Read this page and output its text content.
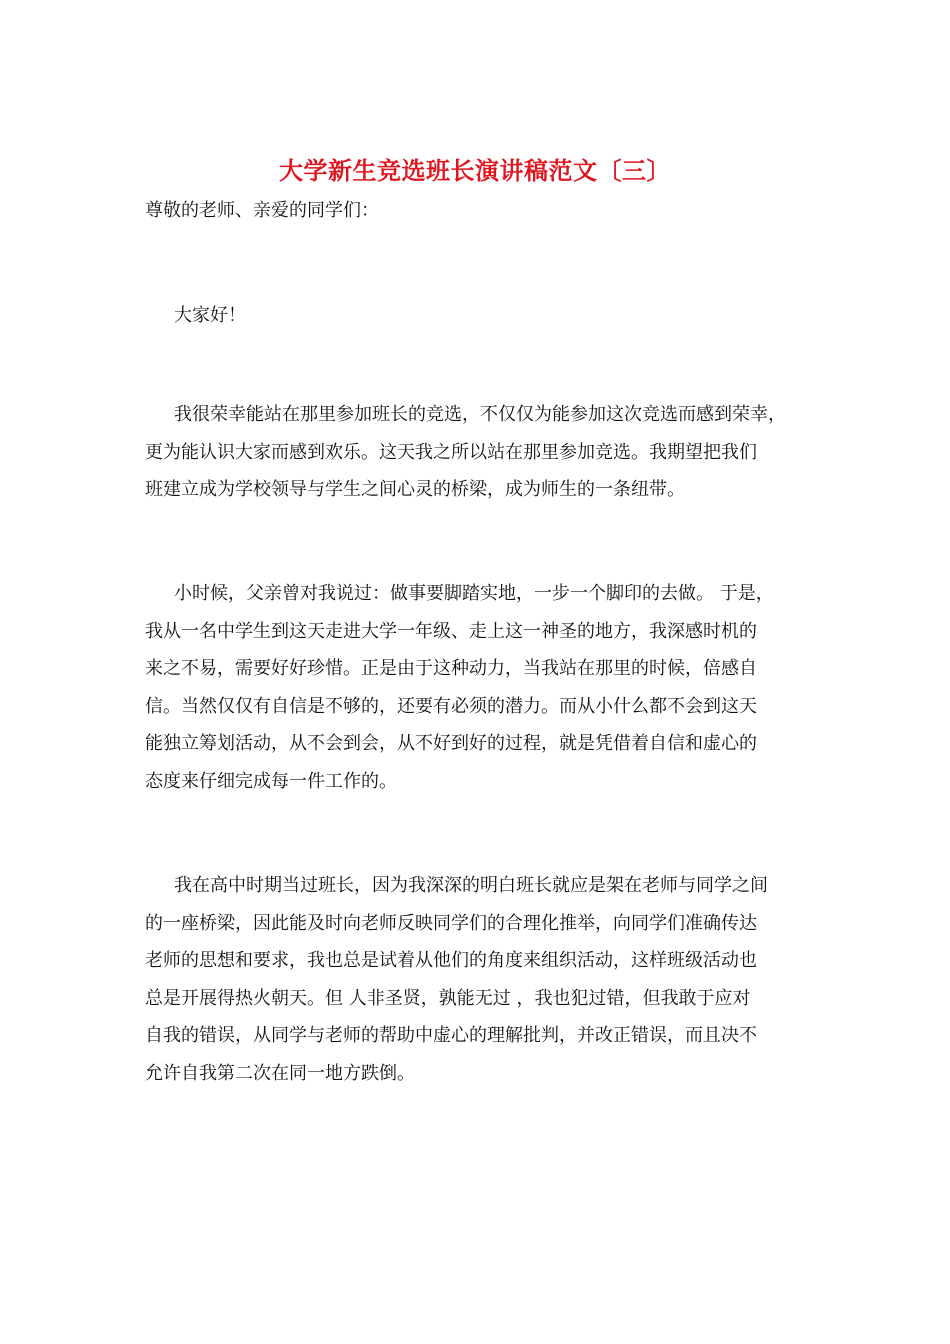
大学新生竞选班长演讲稿范文〔三〕
尊敬的老师、亲爱的同学们：
大家好！
我很荣幸能站在那里参加班长的竞选，不仅仅为能参加这次竞选而感到荣幸，
更为能认识大家而感到欢乐。这天我之所以站在那里参加竞选。我期望把我们
班建立成为学校领导与学生之间心灵的桥梁，成为师生的一条纽带。
小时候，父亲曾对我说过：做事要脚踏实地，一步一个脚印的去做。 于是，
我从一名中学生到这天走进大学一年级、走上这一神圣的地方，我深感时机的
来之不易，需要好好珍惜。正是由于这种动力，当我站在那里的时候，倍感自
信。当然仅仅有自信是不够的，还要有必须的潜力。而从小什么都不会到这天
能独立筹划活动，从不会到会，从不好到好的过程，就是凭借着自信和虚心的
态度来仔细完成每一件工作的。
我在高中时期当过班长，因为我深深的明白班长就应是架在老师与同学之间
的一座桥梁，因此能及时向老师反映同学们的合理化推举，向同学们准确传达
老师的思想和要求，我也总是试着从他们的角度来组织活动，这样班级活动也
总是开展得热火朝天。但 人非圣贤，孰能无过 ，我也犯过错，但我敢于应对
自我的错误，从同学与老师的帮助中虚心的理解批判，并改正错误，而且决不
允许自我第二次在同一地方跌倒。
